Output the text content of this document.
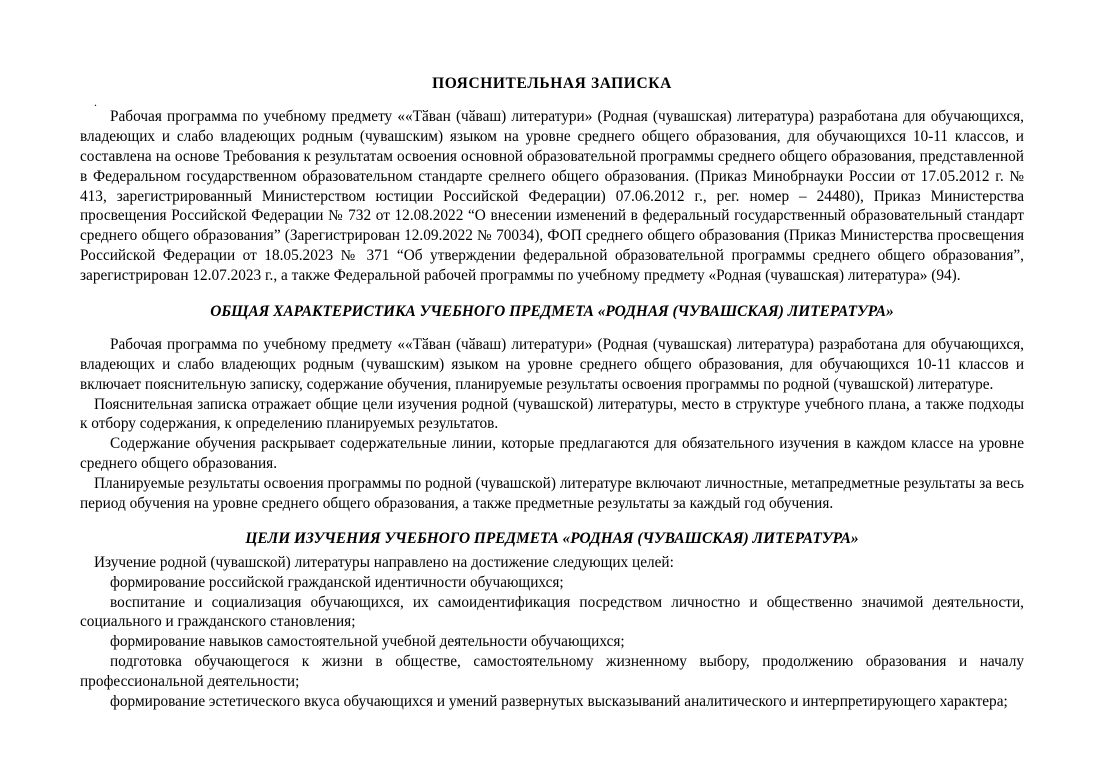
ПОЯСНИТЕЛЬНАЯ ЗАПИСКА
.

Рабочая программа по учебному предмету ««Тӑван (чӑваш) литератури» (Родная (чувашская) литература) разработана для обучающихся, владеющих и слабо владеющих родным (чувашским) языком на уровне среднего общего образования, для обучающихся 10-11 классов, и составлена на основе Требования к результатам освоения основной образовательной программы среднего общего образования, представленной в Федеральном государственном образовательном стандарте срелнего общего образования. (Приказ Минобрнауки России от 17.05.2012 г. № 413, зарегистрированный Министерством юстиции Российской Федерации) 07.06.2012 г., рег. номер – 24480), Приказ Министерства просвещения Российской Федерации № 732 от 12.08.2022 “О внесении изменений в федеральный государственный образовательный стандарт среднего общего образования” (Зарегистрирован 12.09.2022 № 70034), ФОП среднего общего образования (Приказ Министерства просвещения Российской Федерации от 18.05.2023 № 371 “Об утверждении федеральной образовательной программы среднего общего образования”, зарегистрирован 12.07.2023 г., а также Федеральной рабочей программы по учебному предмету «Родная (чувашская) литература» (94).

ОБЩАЯ ХАРАКТЕРИСТИКА УЧЕБНОГО ПРЕДМЕТА «РОДНАЯ (ЧУВАШСКАЯ) ЛИТЕРАТУРА»

Рабочая программа по учебному предмету ««Тӑван (чӑваш) литератури» (Родная (чувашская) литература) разработана для обучающихся, владеющих и слабо владеющих родным (чувашским) языком на уровне среднего общего образования, для обучающихся 10-11 классов и включает пояснительную записку, содержание обучения, планируемые результаты освоения программы по родной (чувашской) литературе.

Пояснительная записка отражает общие цели изучения родной (чувашской) литературы, место в структуре учебного плана, а также подходы к отбору содержания, к определению планируемых результатов.

Содержание обучения раскрывает содержательные линии, которые предлагаются для обязательного изучения в каждом классе на уровне среднего общего образования.

Планируемые результаты освоения программы по родной (чувашской) литературе включают личностные, метапредметные результаты за весь период обучения на уровне среднего общего образования, а также предметные результаты за каждый год обучения.

ЦЕЛИ ИЗУЧЕНИЯ УЧЕБНОГО ПРЕДМЕТА «РОДНАЯ (ЧУВАШСКАЯ) ЛИТЕРАТУРА»

Изучение родной (чувашской) литературы направлено на достижение следующих целей:

формирование российской гражданской идентичности обучающихся;

воспитание и социализация обучающихся, их самоидентификация посредством личностно и общественно значимой деятельности, социального и гражданского становления;

формирование навыков самостоятельной учебной деятельности обучающихся;

подготовка обучающегося к жизни в обществе, самостоятельному жизненному выбору, продолжению образования и началу профессиональной деятельности;

формирование эстетического вкуса обучающихся и умений развернутых высказываний аналитического и интерпретирующего характера;
